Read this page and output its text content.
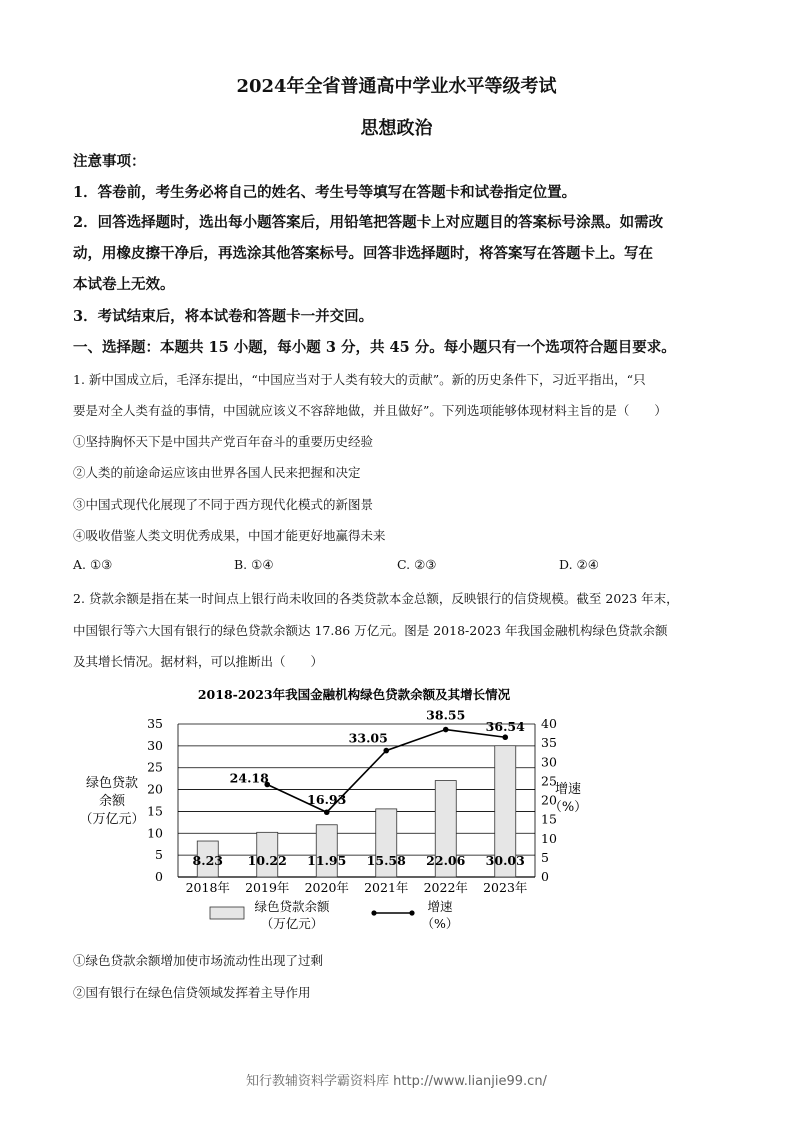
2024年全省普通高中学业水平等级考试
思想政治
注意事项：
1．答卷前，考生务必将自己的姓名、考生号等填写在答题卡和试卷指定位置。
2．回答选择题时，选出每小题答案后，用铅笔把答题卡上对应题目的答案标号涂黑。如需改
动，用橡皮擦干净后，再选涂其他答案标号。回答非选择题时，将答案写在答题卡上。写在
本试卷上无效。
3．考试结束后，将本试卷和答题卡一并交回。
一、选择题：本题共 15 小题，每小题 3 分，共 45 分。每小题只有一个选项符合题目要求。
1. 新中国成立后，毛泽东提出，“中国应当对于人类有较大的贡献”。新的历史条件下，习近平指出，“只
要是对全人类有益的事情，中国就应该义不容辞地做，并且做好”。下列选项能够体现材料主旨的是（　　）
①坚持胸怀天下是中国共产党百年奋斗的重要历史经验
②人类的前途命运应该由世界各国人民来把握和决定
③中国式现代化展现了不同于西方现代化模式的新图景
④吸收借鉴人类文明优秀成果，中国才能更好地赢得未来
A. ①③	B. ①④	C. ②③	D. ②④
2. 贷款余额是指在某一时间点上银行尚未收回的各类贷款本金总额，反映银行的信贷规模。截至 2023 年末，
中国银行等六大国有银行的绿色贷款余额达 17.86 万亿元。图是 2018-2023 年我国金融机构绿色贷款余额
及其增长情况。据材料，可以推断出（　　）
2018-2023年我国金融机构绿色贷款余额及其增长情况
8.23 10.22 11.95 15.58 22.06 30.03
24.18
16.93
33.05
38.55
36.54
0
5
10
15
20
25
30
35
0
5
10
15
20
25
30
35
40
2018年 2019年 2020年 2021年 2022年 2023年
绿色贷款
余额
（万亿元）
增速
（%）
绿色贷款余额
（万亿元）
增速
（%）
①绿色贷款余额增加使市场流动性出现了过剩
②国有银行在绿色信贷领域发挥着主导作用
知行教辅资料学霸资料库 http://www.lianjie99.cn/
